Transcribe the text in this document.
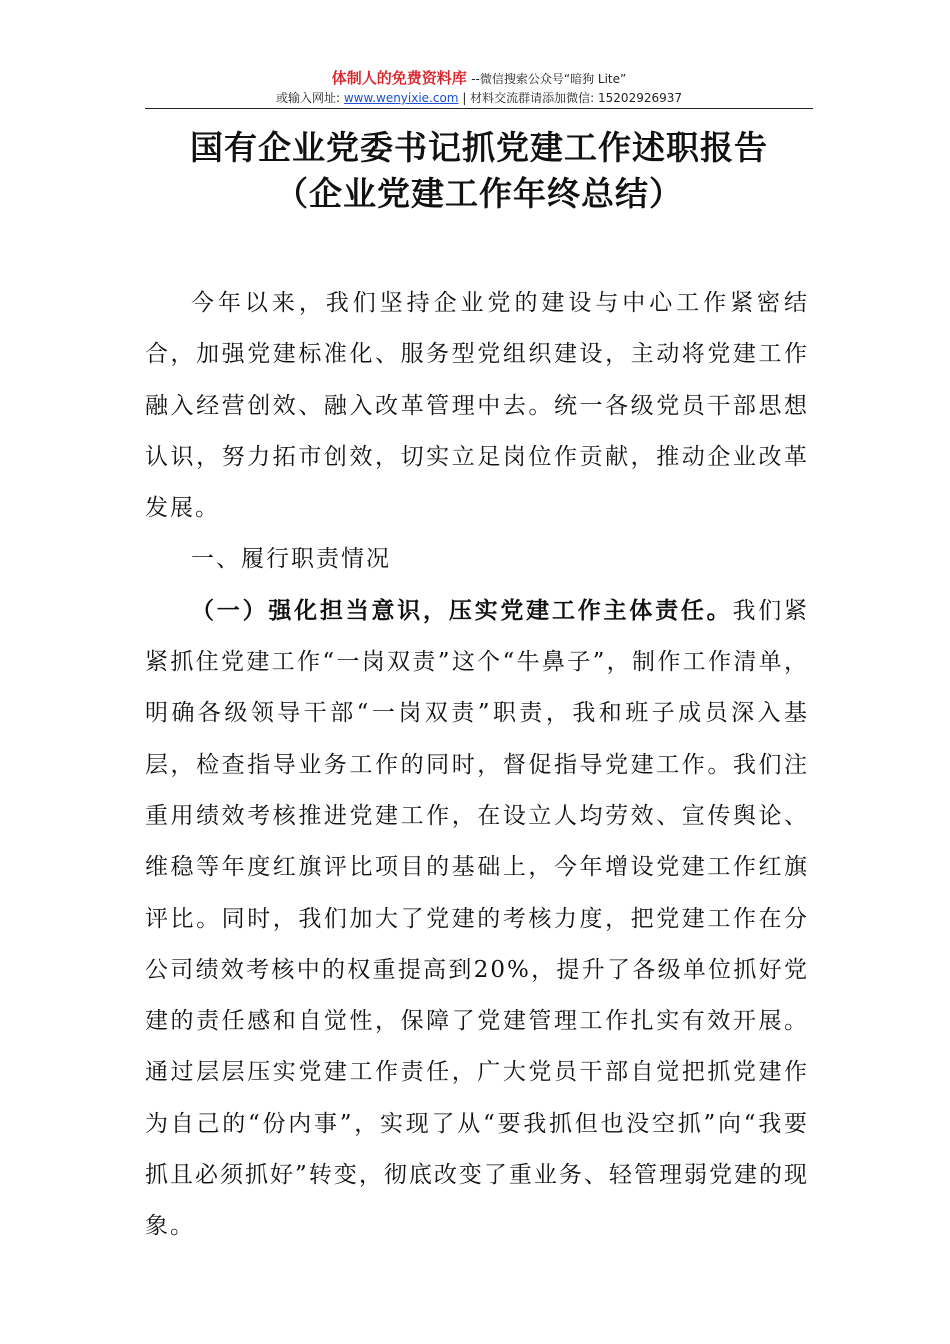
体制人的免费资料库 --微信搜索公众号“暗狗 Lite”
或输入网址: www.wenyixie.com | 材料交流群请添加微信: 15202926937
国有企业党委书记抓党建工作述职报告
（企业党建工作年终总结）

今年以来，我们坚持企业党的建设与中心工作紧密结合，加强党建标准化、服务型党组织建设，主动将党建工作融入经营创效、融入改革管理中去。统一各级党员干部思想认识，努力拓市创效，切实立足岗位作贡献，推动企业改革发展。

一、履行职责情况

（一）强化担当意识，压实党建工作主体责任。我们紧紧抓住党建工作“一岗双责”这个“牛鼻子”，制作工作清单，明确各级领导干部“一岗双责”职责，我和班子成员深入基层，检查指导业务工作的同时，督促指导党建工作。我们注重用绩效考核推进党建工作，在设立人均劳效、宣传舆论、维稳等年度红旗评比项目的基础上，今年增设党建工作红旗评比。同时，我们加大了党建的考核力度，把党建工作在分公司绩效考核中的权重提高到20%，提升了各级单位抓好党建的责任感和自觉性，保障了党建管理工作扎实有效开展。通过层层压实党建工作责任，广大党员干部自觉把抓党建作为自己的“份内事”，实现了从“要我抓但也没空抓”向“我要抓且必须抓好”转变，彻底改变了重业务、轻管理弱党建的现象。
